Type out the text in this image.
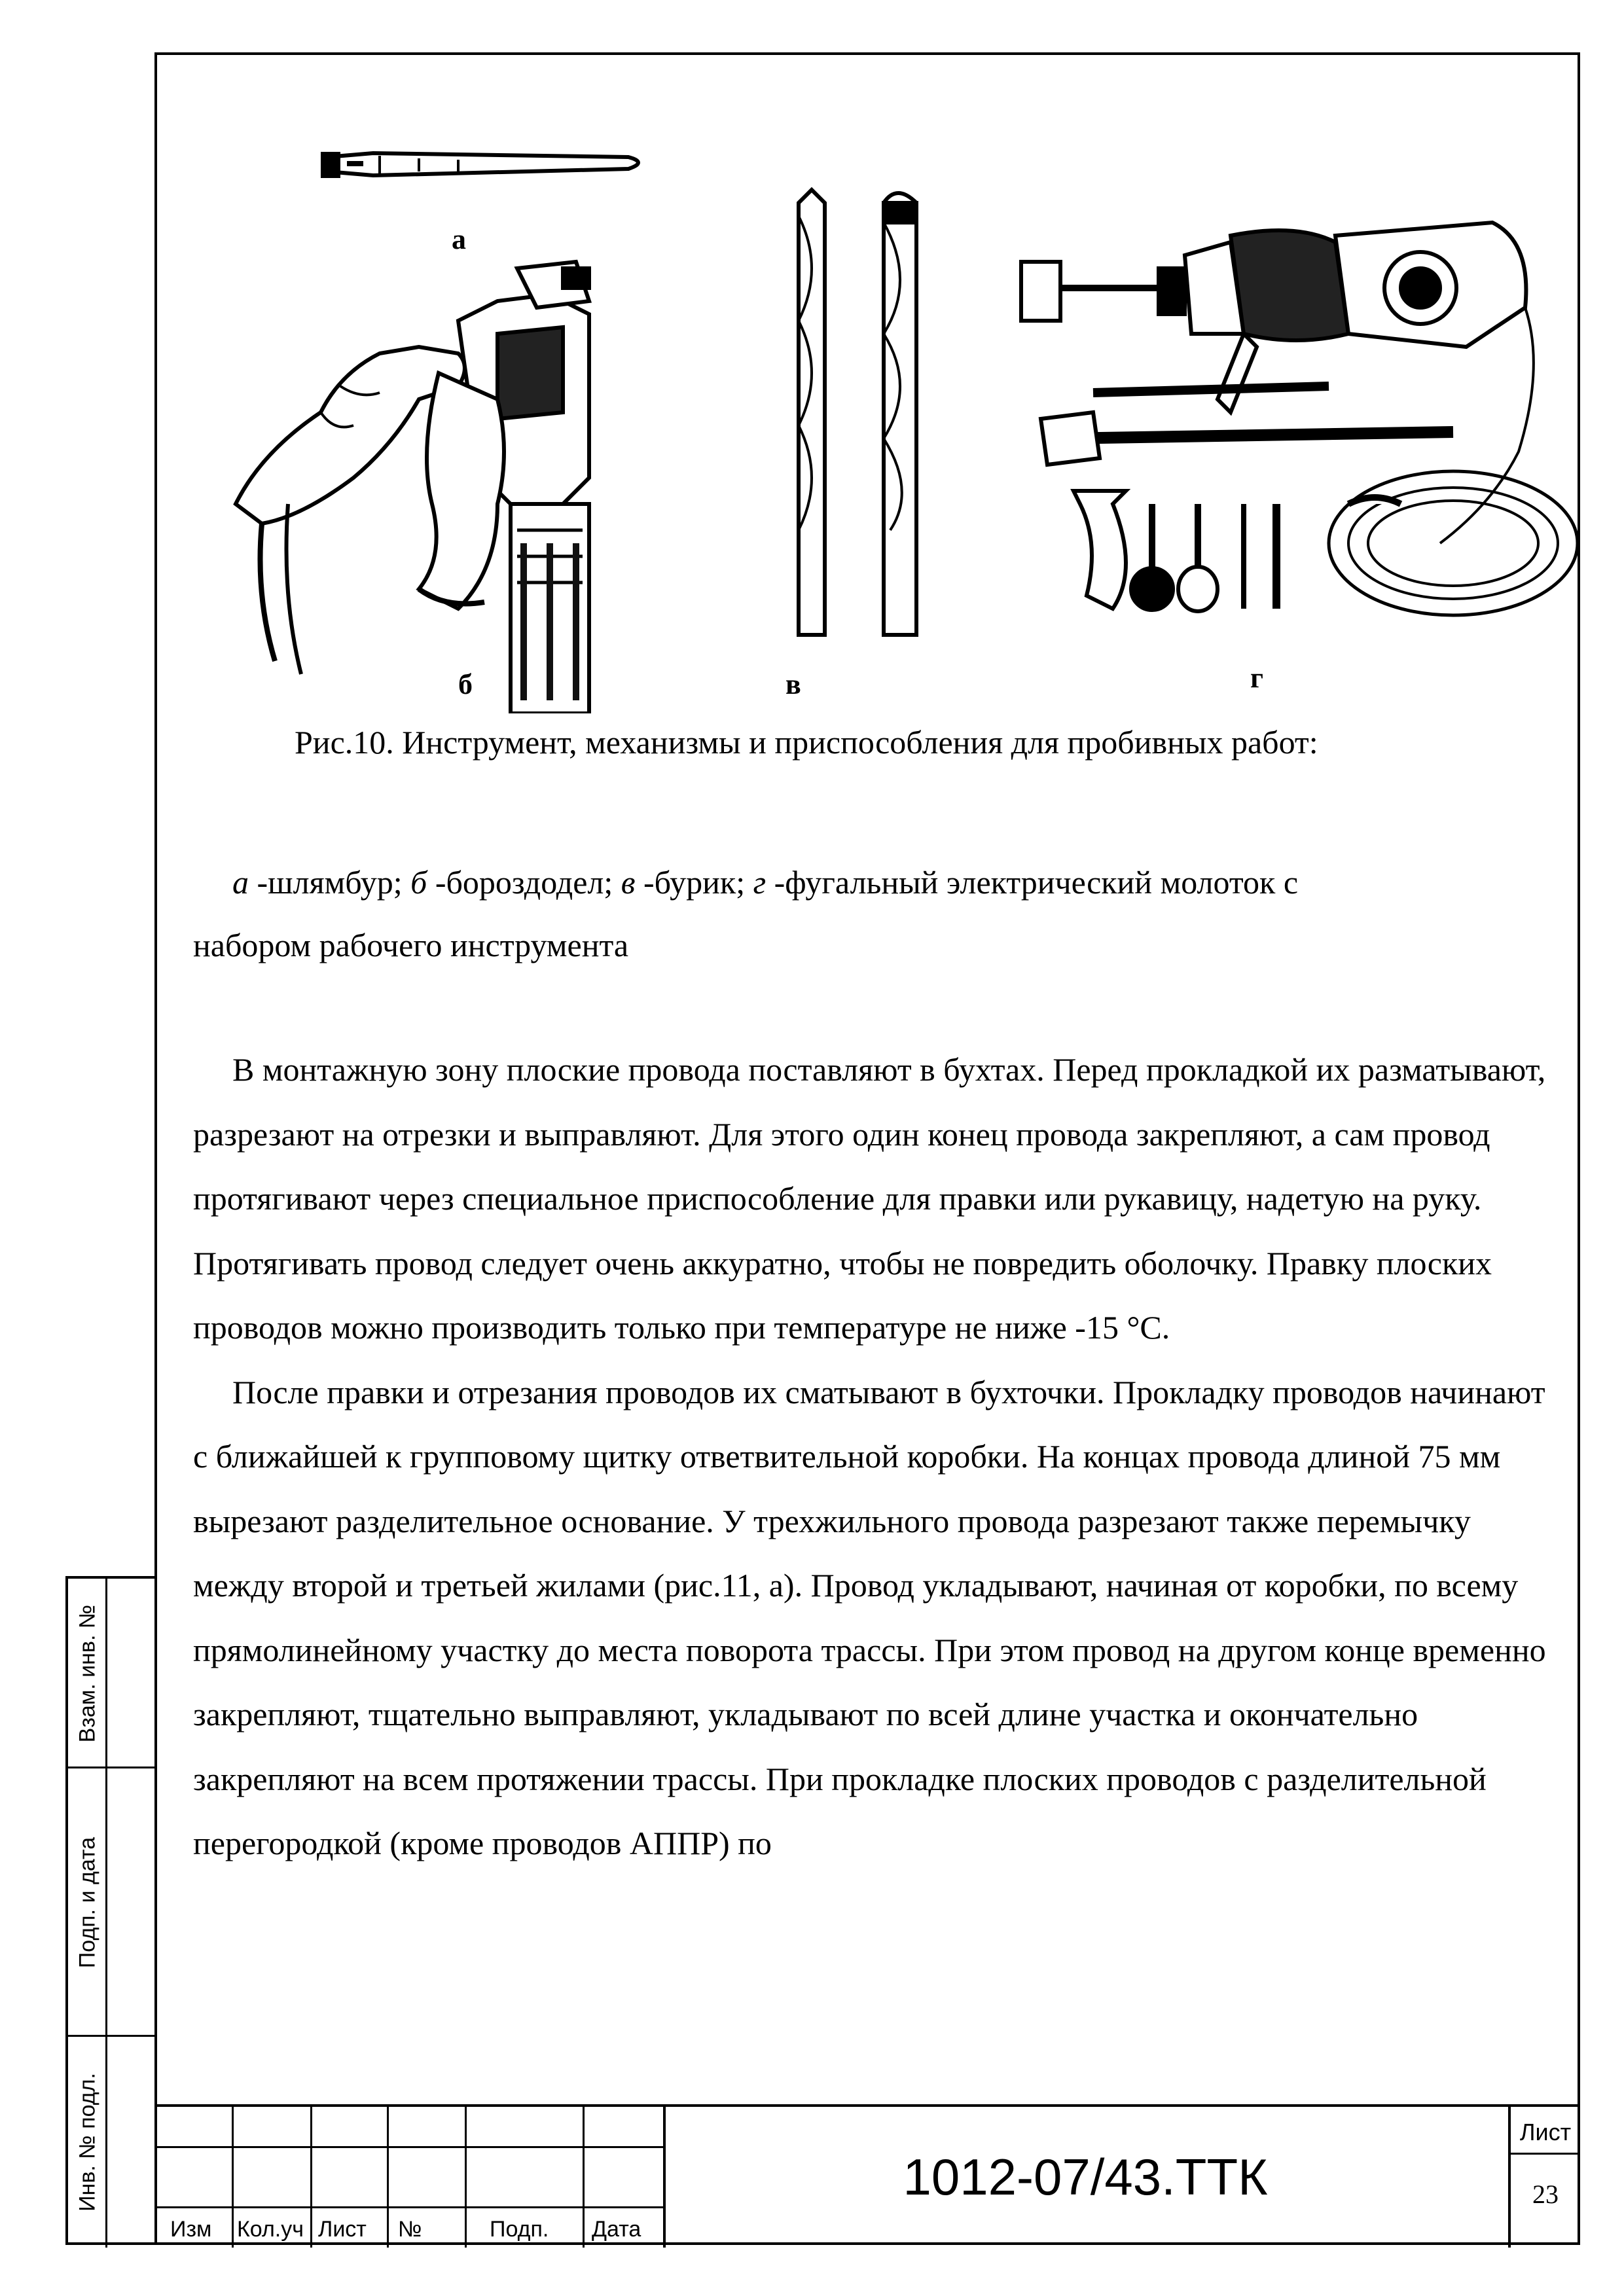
а
б	в	г
Рис.10. Инструмент, механизмы и приспособления для пробивных работ:
а -шлямбур; б -бороздодел; в -бурик; г -фугальный электрический молоток с
набором рабочего инструмента

В монтажную зону плоские провода поставляют в бухтах. Перед прокладкой их разматывают, разрезают на отрезки и выправляют. Для этого один конец провода закрепляют, а сам провод протягивают через специальное приспособление для правки или рукавицу, надетую на руку. Протягивать провод следует очень аккуратно, чтобы не повредить оболочку. Правку плоских проводов можно производить только при температуре не ниже -15 °С.

После правки и отрезания проводов их сматывают в бухточки. Прокладку проводов начинают с ближайшей к групповому щитку ответвительной коробки. На концах провода длиной 75 мм вырезают разделительное основание. У трехжильного провода разрезают также перемычку между второй и третьей жилами (рис.11, а). Провод укладывают, начиная от коробки, по всему прямолинейному участку до места поворота трассы. При этом провод на другом конце временно закрепляют, тщательно выправляют, укладывают по всей длине участка и окончательно закрепляют на всем протяжении трассы. При прокладке плоских проводов с разделительной перегородкой (кроме проводов АППР) по

Взам. инв. №
Подп. и дата
Инв. № подл.
Изм Кол.уч Лист №	Подп. Дата
1012-07/43.ТТК
Лист
23
